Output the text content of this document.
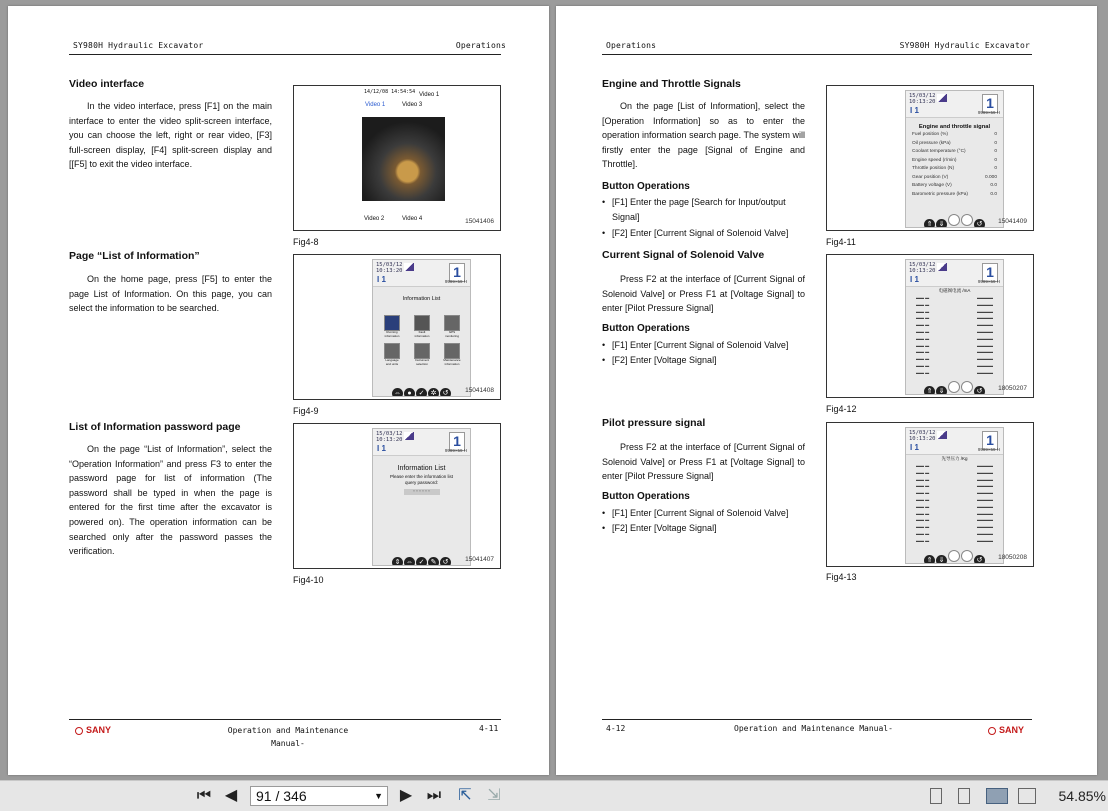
SY980H Hydraulic Excavator	Operations
Video interface
In the video interface, press [F1] on the main interface to enter the video split-screen interface, you can choose the left, right or rear video, [F3] full-screen display, [F4] split-screen display and [[F5] to exit the video interface.
Page “List of Information”
On the home page, press [F5] to enter the page List of Information. On this page, you can select the information to be searched.
List of Information password page
On the page “List of Information”, select the “Operation Information” and press F3 to enter the password page for list of information (The password shall be typed in when the page is entered for the first time after the excavator is powered on). The operation information can be searched only after the password passes the verification.
14/12/08 14:54:54 Video 1
Video 1	Video 3
Video 2	Video 4	15041406
Fig4-8
15/03/12
10:13:20
I 1	1
9999×59 H
Information List
Running information
Fault information
GPS monitoring
Language and units
Instrument selection
Maintenance information
⇔ ● ✓ ✲ ↺	15041408
Fig4-9
15/03/12
10:13:20
I 1	1
9999×59 H
Information List
Please enter the information list query password:
* * * * * *
⇕ ⇔ ✓ ✎ ↺	15041407
Fig4-10
SANY	Operation and Maintenance Manual-
4-11
Operations	SY980H Hydraulic Excavator
Engine and Throttle Signals
On the page [List of Information], select the [Operation Information] so as to enter the operation information search page. The system will firstly enter the page [Signal of Engine and Throttle].
Button Operations
• [F1] Enter the page [Search for Input/output Signal]
• [F2] Enter [Current Signal of Solenoid Valve]
Current Signal of Solenoid Valve
Press F2 at the interface of [Current Signal of Solenoid Valve] or Press F1 at [Voltage Signal] to enter [Pilot Pressure Signal]
Button Operations
• [F1] Enter [Current Signal of Solenoid Valve]
• [F2] Enter [Voltage Signal]
Pilot pressure signal
Press F2 at the interface of [Current Signal of Solenoid Valve] or Press F1 at [Voltage Signal] to enter [Pilot Pressure Signal]
Button Operations
• [F1] Enter [Current Signal of Solenoid Valve]
• [F2] Enter [Voltage Signal]
15/03/12
10:13:20
I 1	1
9999×59 H
Engine and throttle signal
Fuel position (%)	0
Oil pressure (kPa)	0
Coolant temperature (°C)	0
Engine speed (r/min)	0
Throttle position (N)	0
Gear position (V)	0.000
Battery voltage (V)	0.0
Barometric pressure (kPa)	0.0
⇑ ⇓	↺	15041409
Fig4-11
15/03/12
10:13:20
I 1	1
9999×59 H
电磁阀电流 /mA
▬▬ ▬	▬▬▬▬
▬▬ ▬	▬▬▬▬
▬▬ ▬	▬▬▬▬
▬▬ ▬	▬▬▬▬
▬▬ ▬	▬▬▬▬
▬▬ ▬	▬▬▬▬
▬▬ ▬	▬▬▬▬
▬▬ ▬	▬▬▬▬
▬▬ ▬	▬▬▬▬
▬▬ ▬	▬▬▬▬
▬▬ ▬	▬▬▬▬
▬▬ ▬	▬▬▬▬
⇑ ⇓	↺	18050207
Fig4-12
15/03/12
10:13:20
I 1	1
9999×59 H
先导压力 /Kg
▬▬ ▬	▬▬▬▬
▬▬ ▬	▬▬▬▬
▬▬ ▬	▬▬▬▬
▬▬ ▬	▬▬▬▬
▬▬ ▬	▬▬▬▬
▬▬ ▬	▬▬▬▬
▬▬ ▬	▬▬▬▬
▬▬ ▬	▬▬▬▬
▬▬ ▬	▬▬▬▬
▬▬ ▬	▬▬▬▬
▬▬ ▬	▬▬▬▬
▬▬ ▬	▬▬▬▬
⇑ ⇓	↺	18050208
Fig4-13
4-12	Operation and Maintenance Manual-	SANY
⏮ ◀	91 / 346	▼ ▶ ⏭ ⇱ ⇲	54.85%
